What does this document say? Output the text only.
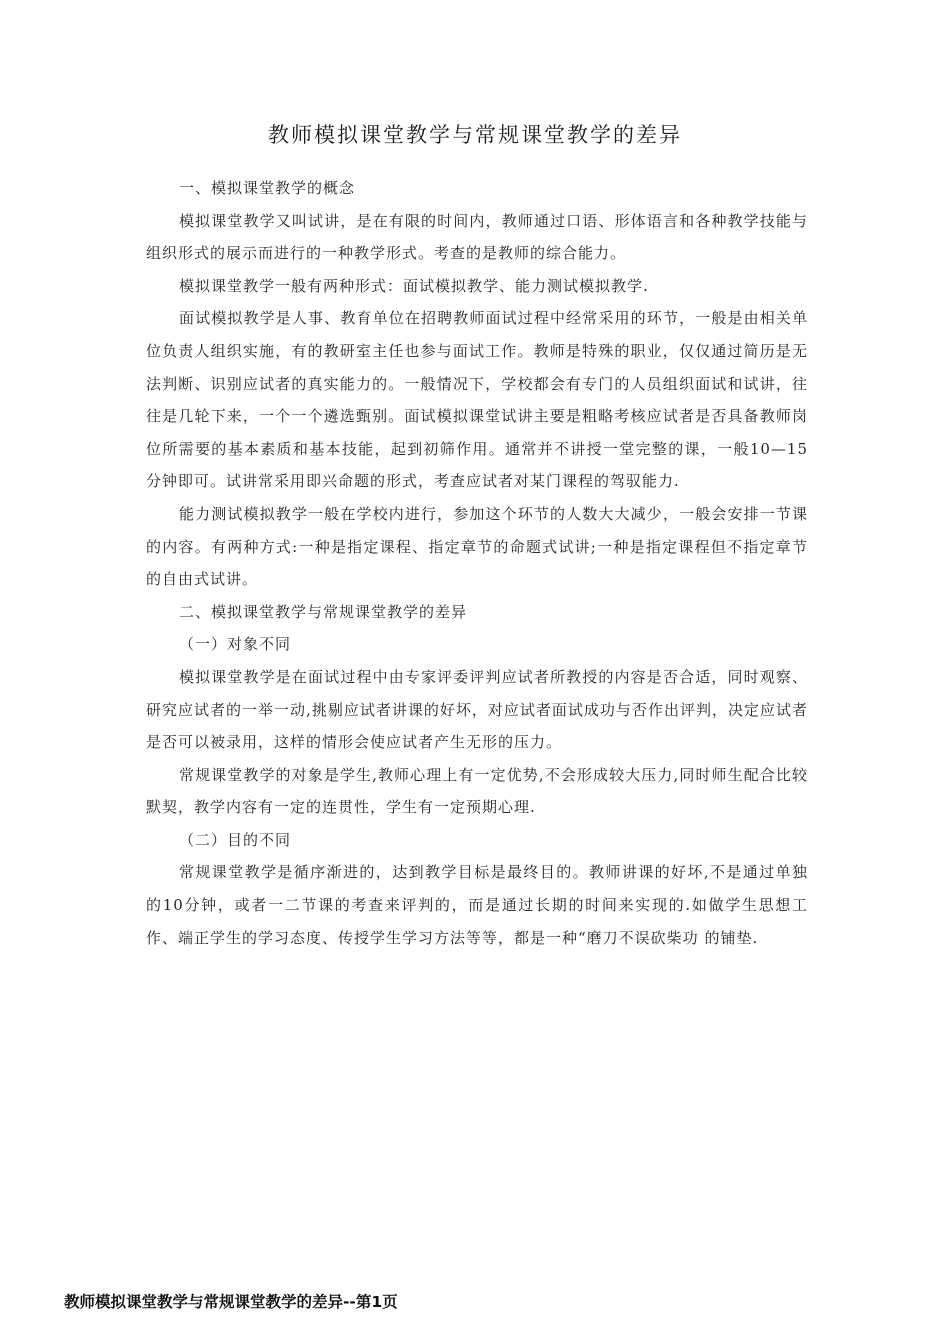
教师模拟课堂教学与常规课堂教学的差异

一、模拟课堂教学的概念

模拟课堂教学又叫试讲，是在有限的时间内，教师通过口语、形体语言和各种教学技能与组织形式的展示而进行的一种教学形式。考查的是教师的综合能力。

模拟课堂教学一般有两种形式：面试模拟教学、能力测试模拟教学.

面试模拟教学是人事、教育单位在招聘教师面试过程中经常采用的环节，一般是由相关单位负责人组织实施，有的教研室主任也参与面试工作。教师是特殊的职业，仅仅通过简历是无法判断、识别应试者的真实能力的。一般情况下，学校都会有专门的人员组织面试和试讲，往往是几轮下来，一个一个遴选甄别。面试模拟课堂试讲主要是粗略考核应试者是否具备教师岗位所需要的基本素质和基本技能，起到初筛作用。通常并不讲授一堂完整的课，一般10—15分钟即可。试讲常采用即兴命题的形式，考查应试者对某门课程的驾驭能力.

能力测试模拟教学一般在学校内进行，参加这个环节的人数大大减少，一般会安排一节课的内容。有两种方式:一种是指定课程、指定章节的命题式试讲;一种是指定课程但不指定章节的自由式试讲。

二、模拟课堂教学与常规课堂教学的差异

（一）对象不同

模拟课堂教学是在面试过程中由专家评委评判应试者所教授的内容是否合适，同时观察、研究应试者的一举一动,挑剔应试者讲课的好坏，对应试者面试成功与否作出评判，决定应试者是否可以被录用，这样的情形会使应试者产生无形的压力。

常规课堂教学的对象是学生,教师心理上有一定优势,不会形成较大压力,同时师生配合比较默契，教学内容有一定的连贯性，学生有一定预期心理.

（二）目的不同

常规课堂教学是循序渐进的，达到教学目标是最终目的。教师讲课的好坏,不是通过单独的10分钟，或者一二节课的考查来评判的，而是通过长期的时间来实现的.如做学生思想工作、端正学生的学习态度、传授学生学习方法等等，都是一种“磨刀不误砍柴功 的铺垫.

教师模拟课堂教学与常规课堂教学的差异--第1页
